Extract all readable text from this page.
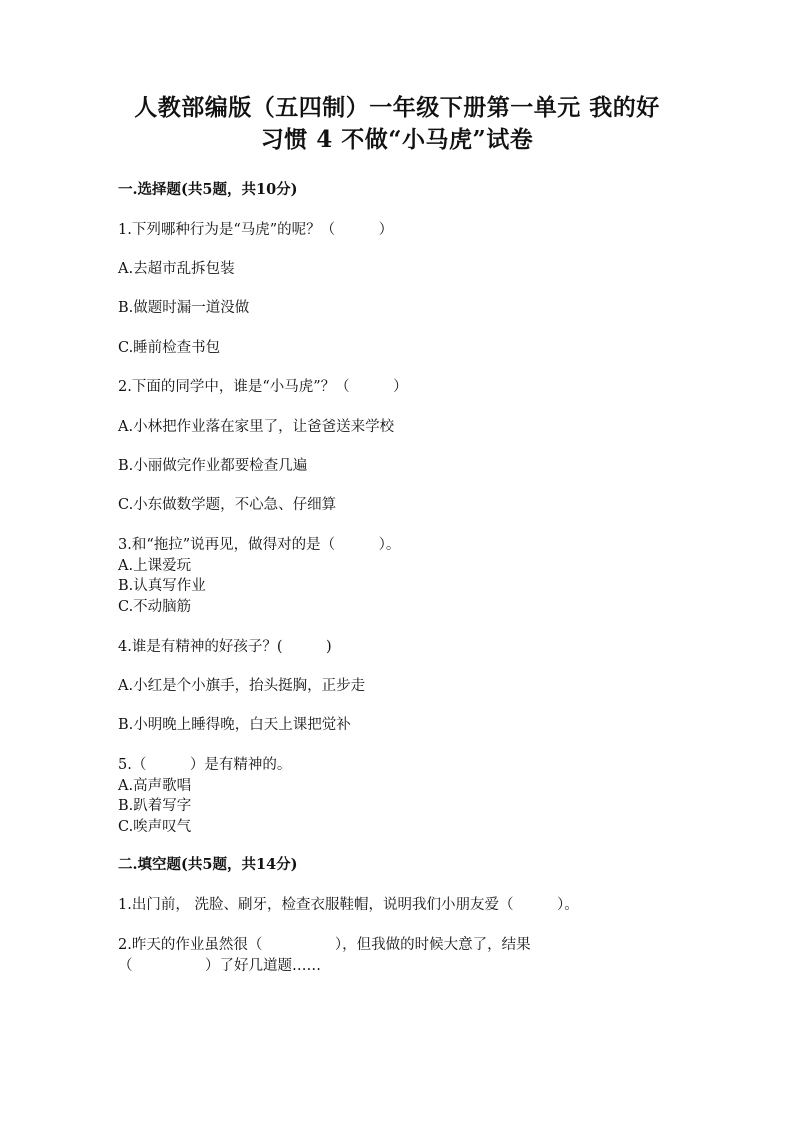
人教部编版（五四制）一年级下册第一单元 我的好
习惯 4 不做“小马虎”试卷
一.选择题(共5题，共10分)
1.下列哪种行为是“马虎”的呢？（　　　）
A.去超市乱拆包装
B.做题时漏一道没做
C.睡前检查书包
2.下面的同学中，谁是“小马虎”？（　　　）
A.小林把作业落在家里了，让爸爸送来学校
B.小丽做完作业都要检查几遍
C.小东做数学题，不心急、仔细算
3.和“拖拉”说再见，做得对的是（　　　）。
A.上课爱玩
B.认真写作业
C.不动脑筋
4.谁是有精神的好孩子？(　　　)
A.小红是个小旗手，抬头挺胸，正步走
B.小明晚上睡得晚，白天上课把觉补
5.（　　　）是有精神的。
A.高声歌唱
B.趴着写字
C.唉声叹气
二.填空题(共5题，共14分)
1.出门前， 洗脸、刷牙，检查衣服鞋帽，说明我们小朋友爱（　　　）。
2.昨天的作业虽然很（　　　　　），但我做的时候大意了，结果
（　　　　　）了好几道题……
